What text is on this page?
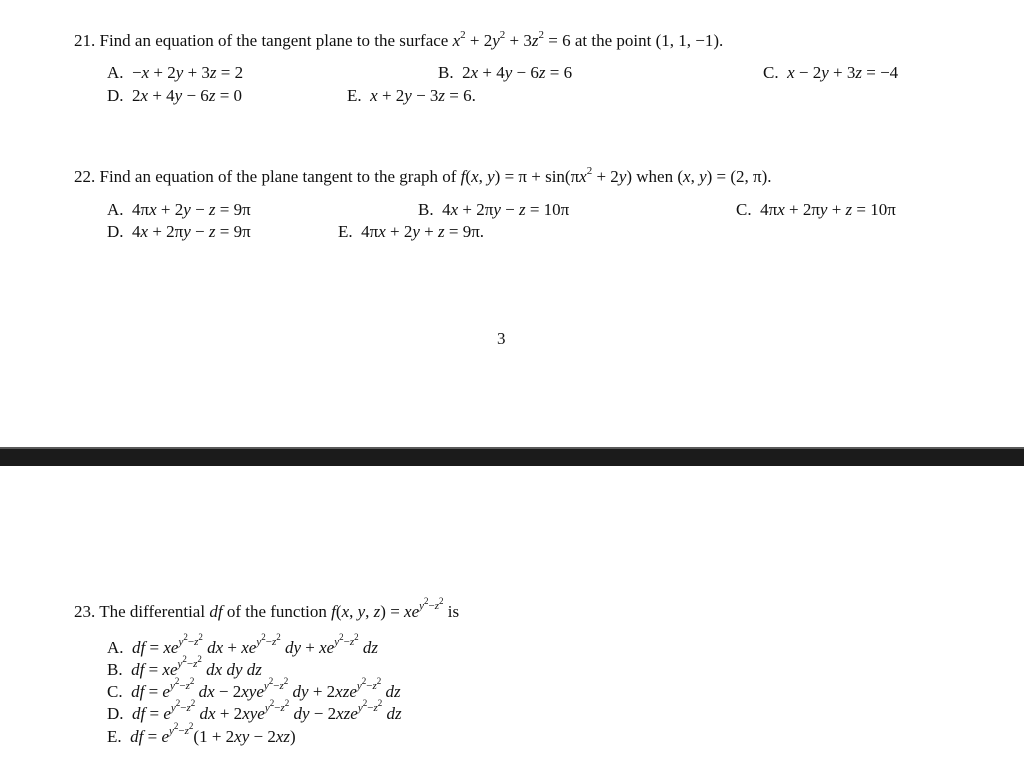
21. Find an equation of the tangent plane to the surface $x^2 + 2y^2 + 3z^2 = 6$ at the point (1, 1, −1).
A.  −x + 2y + 3z = 2	B.  2x + 4y − 6z = 6	C. x − 2y + 3z = −4
D.  2x + 4y − 6z = 0	E. x + 2y − 3z = 6.
22. Find an equation of the plane tangent to the graph of f(x, $y) = \pi + \sin(\pi x^2 + 2y)$ when (x, y) = (2, π).
A.  4πx + 2y − z = 9π	B.  4x + 2πy − z = 10π	C.  4πx + 2πy + z = 10π
D.  4x + 2πy − z = 9π	E.  4πx + 2y + z = 9π.
3
23. The differential df of the function f(x, y, $z) = xe^{y^2-z^2}$ is
A. df = $xe^{y^2-z^2}$ dx + $xe^{y^2-z^2}$ dy + $xe^{y^2-z^2}$ dz
B. df = $xe^{y^2-z^2}$ dx dy dz
C. df = $e^{y^2-z^2}$ dx − 2xye$^{y^2-z^2}$ dy + 2xze$^{y^2-z^2}$ dz
D. df = $e^{y^2-z^2}$ dx + 2xye$^{y^2-z^2}$ dy − 2xze$^{y^2-z^2}$ dz
E. df = $e^{y^2-z^2}(1 + 2xy - 2xz)$
